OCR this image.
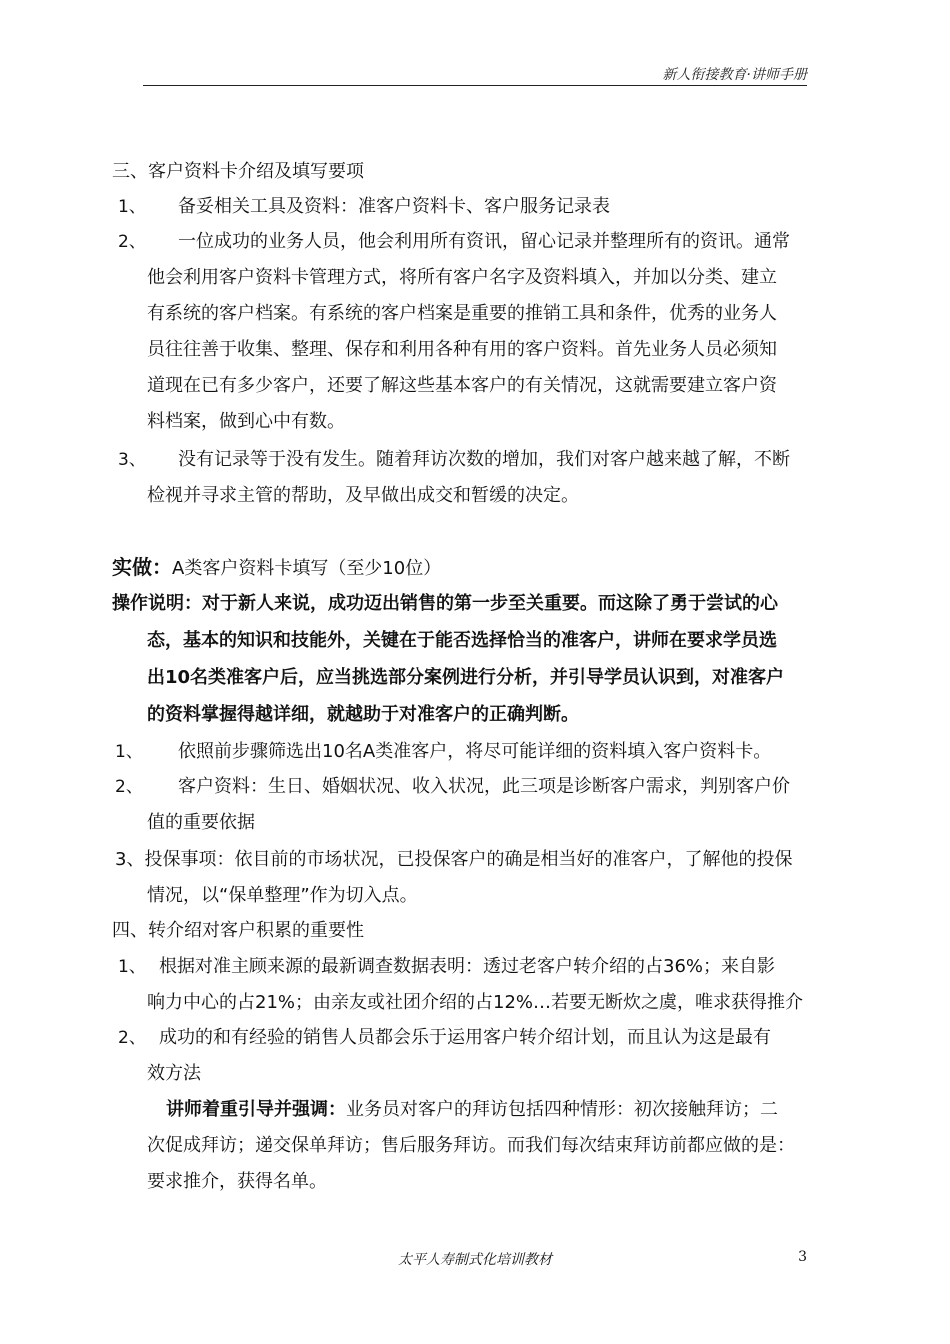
新人衔接教育·讲师手册
三、客户资料卡介绍及填写要项
1、 备妥相关工具及资料：准客户资料卡、客户服务记录表
2、 一位成功的业务人员，他会利用所有资讯，留心记录并整理所有的资讯。通常
他会利用客户资料卡管理方式，将所有客户名字及资料填入，并加以分类、建立
有系统的客户档案。有系统的客户档案是重要的推销工具和条件，优秀的业务人
员往往善于收集、整理、保存和利用各种有用的客户资料。首先业务人员必须知
道现在已有多少客户，还要了解这些基本客户的有关情况，这就需要建立客户资
料档案，做到心中有数。
3、 没有记录等于没有发生。随着拜访次数的增加，我们对客户越来越了解，不断
检视并寻求主管的帮助，及早做出成交和暂缓的决定。
实做：A类客户资料卡填写（至少10位）
操作说明：对于新人来说，成功迈出销售的第一步至关重要。而这除了勇于尝试的心
态，基本的知识和技能外，关键在于能否选择恰当的准客户，讲师在要求学员选
出10名类准客户后，应当挑选部分案例进行分析，并引导学员认识到，对准客户
的资料掌握得越详细，就越助于对准客户的正确判断。
1、 依照前步骤筛选出10名A类准客户，将尽可能详细的资料填入客户资料卡。
2、 客户资料：生日、婚姻状况、收入状况，此三项是诊断客户需求，判别客户价
值的重要依据
3、投保事项：依目前的市场状况，已投保客户的确是相当好的准客户，了解他的投保
情况，以“保单整理”作为切入点。
四、转介绍对客户积累的重要性
1、 根据对准主顾来源的最新调查数据表明：透过老客户转介绍的占36%；来自影
响力中心的占21%；由亲友或社团介绍的占12%…若要无断炊之虞，唯求获得推介
2、 成功的和有经验的销售人员都会乐于运用客户转介绍计划，而且认为这是最有
效方法
讲师着重引导并强调：业务员对客户的拜访包括四种情形：初次接触拜访；二
次促成拜访；递交保单拜访；售后服务拜访。而我们每次结束拜访前都应做的是：
要求推介，获得名单。
太平人寿制式化培训教材	3
